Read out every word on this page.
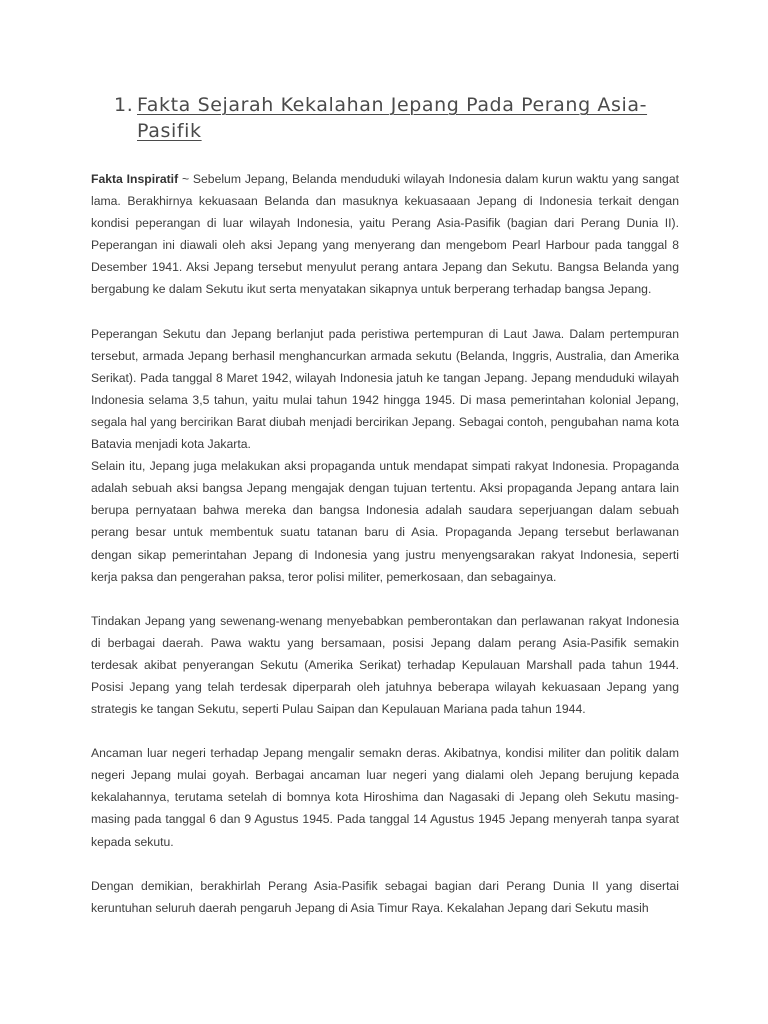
1. Fakta Sejarah Kekalahan Jepang Pada Perang Asia-Pasifik

Fakta Inspiratif ~ Sebelum Jepang, Belanda menduduki wilayah Indonesia dalam kurun waktu yang sangat lama. Berakhirnya kekuasaan Belanda dan masuknya kekuasaaan Jepang di Indonesia terkait dengan kondisi peperangan di luar wilayah Indonesia, yaitu Perang Asia-Pasifik (bagian dari Perang Dunia II). Peperangan ini diawali oleh aksi Jepang yang menyerang dan mengebom Pearl Harbour pada tanggal 8 Desember 1941. Aksi Jepang tersebut menyulut perang antara Jepang dan Sekutu. Bangsa Belanda yang bergabung ke dalam Sekutu ikut serta menyatakan sikapnya untuk berperang terhadap bangsa Jepang.

Peperangan Sekutu dan Jepang berlanjut pada peristiwa pertempuran di Laut Jawa. Dalam pertempuran tersebut, armada Jepang berhasil menghancurkan armada sekutu (Belanda, Inggris, Australia, dan Amerika Serikat). Pada tanggal 8 Maret 1942, wilayah Indonesia jatuh ke tangan Jepang. Jepang menduduki wilayah Indonesia selama 3,5 tahun, yaitu mulai tahun 1942 hingga 1945. Di masa pemerintahan kolonial Jepang, segala hal yang bercirikan Barat diubah menjadi bercirikan Jepang. Sebagai contoh, pengubahan nama kota Batavia menjadi kota Jakarta.

Selain itu, Jepang juga melakukan aksi propaganda untuk mendapat simpati rakyat Indonesia. Propaganda adalah sebuah aksi bangsa Jepang mengajak dengan tujuan tertentu. Aksi propaganda Jepang antara lain berupa pernyataan bahwa mereka dan bangsa Indonesia adalah saudara seperjuangan dalam sebuah perang besar untuk membentuk suatu tatanan baru di Asia. Propaganda Jepang tersebut berlawanan dengan sikap pemerintahan Jepang di Indonesia yang justru menyengsarakan rakyat Indonesia, seperti kerja paksa dan pengerahan paksa, teror polisi militer, pemerkosaan, dan sebagainya.

Tindakan Jepang yang sewenang-wenang menyebabkan pemberontakan dan perlawanan rakyat Indonesia di berbagai daerah. Pawa waktu yang bersamaan, posisi Jepang dalam perang Asia-Pasifik semakin terdesak akibat penyerangan Sekutu (Amerika Serikat) terhadap Kepulauan Marshall pada tahun 1944. Posisi Jepang yang telah terdesak diperparah oleh jatuhnya beberapa wilayah kekuasaan Jepang yang strategis ke tangan Sekutu, seperti Pulau Saipan dan Kepulauan Mariana pada tahun 1944.

Ancaman luar negeri terhadap Jepang mengalir semakn deras. Akibatnya, kondisi militer dan politik dalam negeri Jepang mulai goyah. Berbagai ancaman luar negeri yang dialami oleh Jepang berujung kepada kekalahannya, terutama setelah di bomnya kota Hiroshima dan Nagasaki di Jepang oleh Sekutu masing-masing pada tanggal 6 dan 9 Agustus 1945. Pada tanggal 14 Agustus 1945 Jepang menyerah tanpa syarat kepada sekutu.

Dengan demikian, berakhirlah Perang Asia-Pasifik sebagai bagian dari Perang Dunia II yang disertai keruntuhan seluruh daerah pengaruh Jepang di Asia Timur Raya. Kekalahan Jepang dari Sekutu masih
